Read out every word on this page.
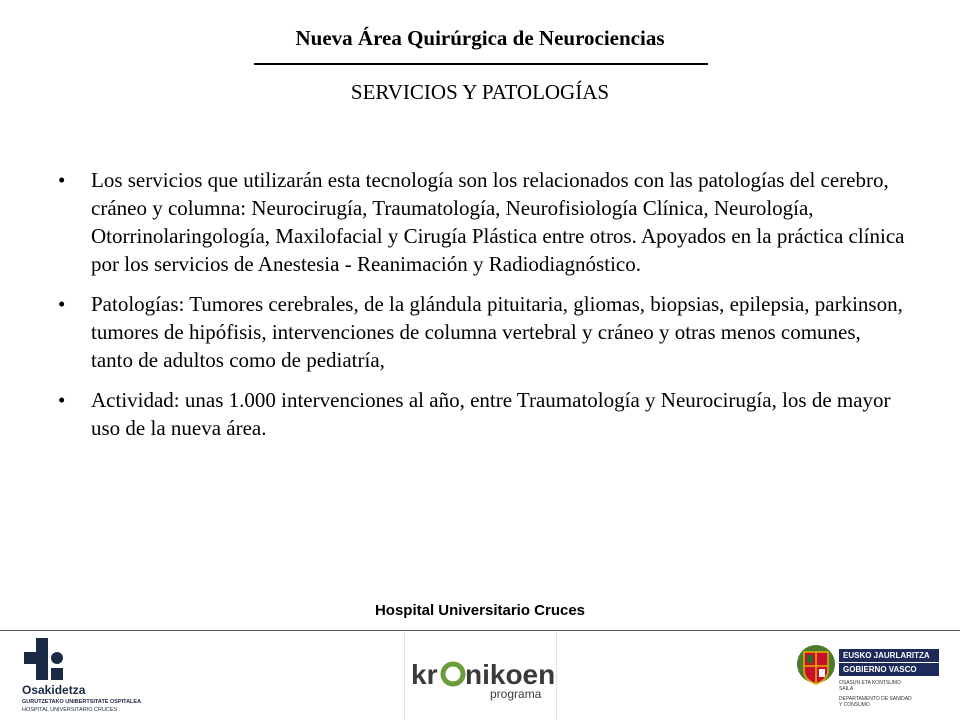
Nueva Área Quirúrgica de Neurociencias
SERVICIOS Y PATOLOGÍAS
• Los servicios que utilizarán esta tecnología son los relacionados con las patologías del cerebro, cráneo y columna: Neurocirugía, Traumatología, Neurofisiología Clínica, Neurología, Otorrinolaringología, Maxilofacial y Cirugía Plástica entre otros. Apoyados en la práctica clínica por los servicios de Anestesia - Reanimación y Radiodiagnóstico.
• Patologías: Tumores cerebrales, de la glándula pituitaria, gliomas, biopsias, epilepsia, parkinson, tumores de hipófisis, intervenciones de columna vertebral y cráneo y otras menos comunes, tanto de adultos como de pediatría,
• Actividad: unas 1.000 intervenciones al año, entre Traumatología y Neurocirugía, los de mayor uso de la nueva área.
Hospital Universitario Cruces
Osakidetza
GURUTZETAKO UNIBERTSITATE OSPITALEA
HOSPITAL UNIVERSITARIO CRUCES
kr nikoen
programa
EUSKO JAURLARITZA
GOBIERNO VASCO
OSASUN ETA KONTSUMO
SAILA
DEPARTAMENTO DE SANIDAD
Y CONSUMO
